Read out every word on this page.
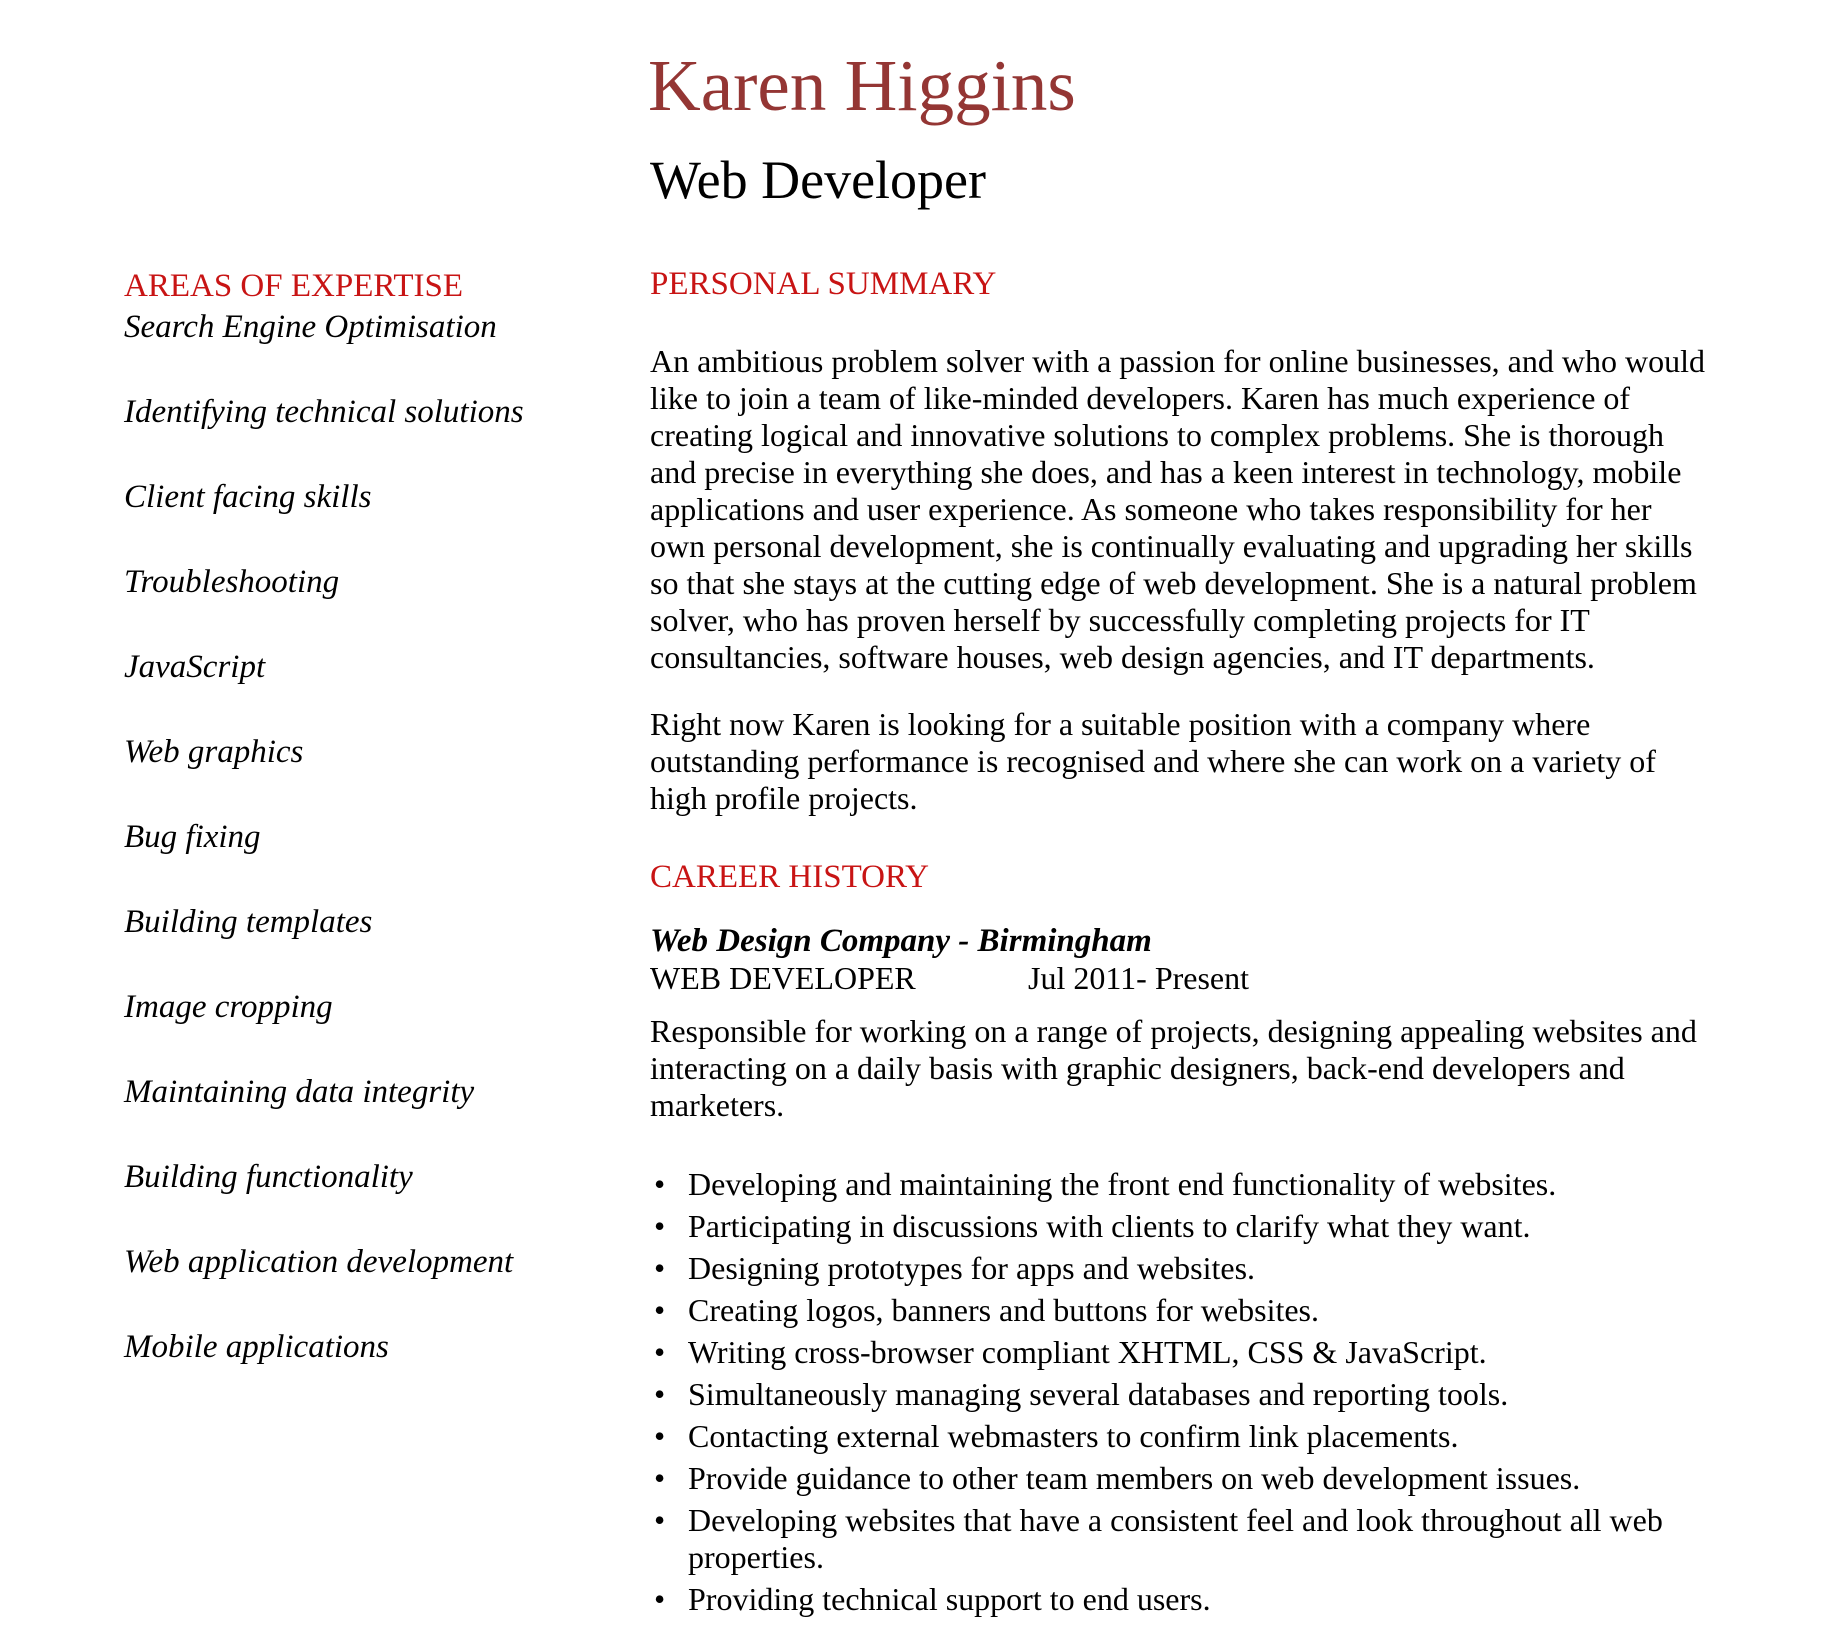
Karen Higgins
Web Developer
AREAS OF EXPERTISE
Search Engine Optimisation
Identifying technical solutions
Client facing skills
Troubleshooting
JavaScript
Web graphics
Bug fixing
Building templates
Image cropping
Maintaining data integrity
Building functionality
Web application development
Mobile applications
PERSONAL SUMMARY

An ambitious problem solver with a passion for online businesses, and who would like to join a team of like-minded developers. Karen has much experience of creating logical and innovative solutions to complex problems. She is thorough and precise in everything she does, and has a keen interest in technology, mobile applications and user experience. As someone who takes responsibility for her own personal development, she is continually evaluating and upgrading her skills so that she stays at the cutting edge of web development. She is a natural problem solver, who has proven herself by successfully completing projects for IT consultancies, software houses, web design agencies, and IT departments.

Right now Karen is looking for a suitable position with a company where outstanding performance is recognised and where she can work on a variety of high profile projects.

CAREER HISTORY

Web Design Company - Birmingham

WEB DEVELOPER	Jul 2011- Present

Responsible for working on a range of projects, designing appealing websites and interacting on a daily basis with graphic designers, back-end developers and marketers.

• Developing and maintaining the front end functionality of websites.
• Participating in discussions with clients to clarify what they want.
• Designing prototypes for apps and websites.
• Creating logos, banners and buttons for websites.
• Writing cross-browser compliant XHTML, CSS & JavaScript.
• Simultaneously managing several databases and reporting tools.
• Contacting external webmasters to confirm link placements.
• Provide guidance to other team members on web development issues.
• Developing websites that have a consistent feel and look throughout all web properties.
• Providing technical support to end users.
